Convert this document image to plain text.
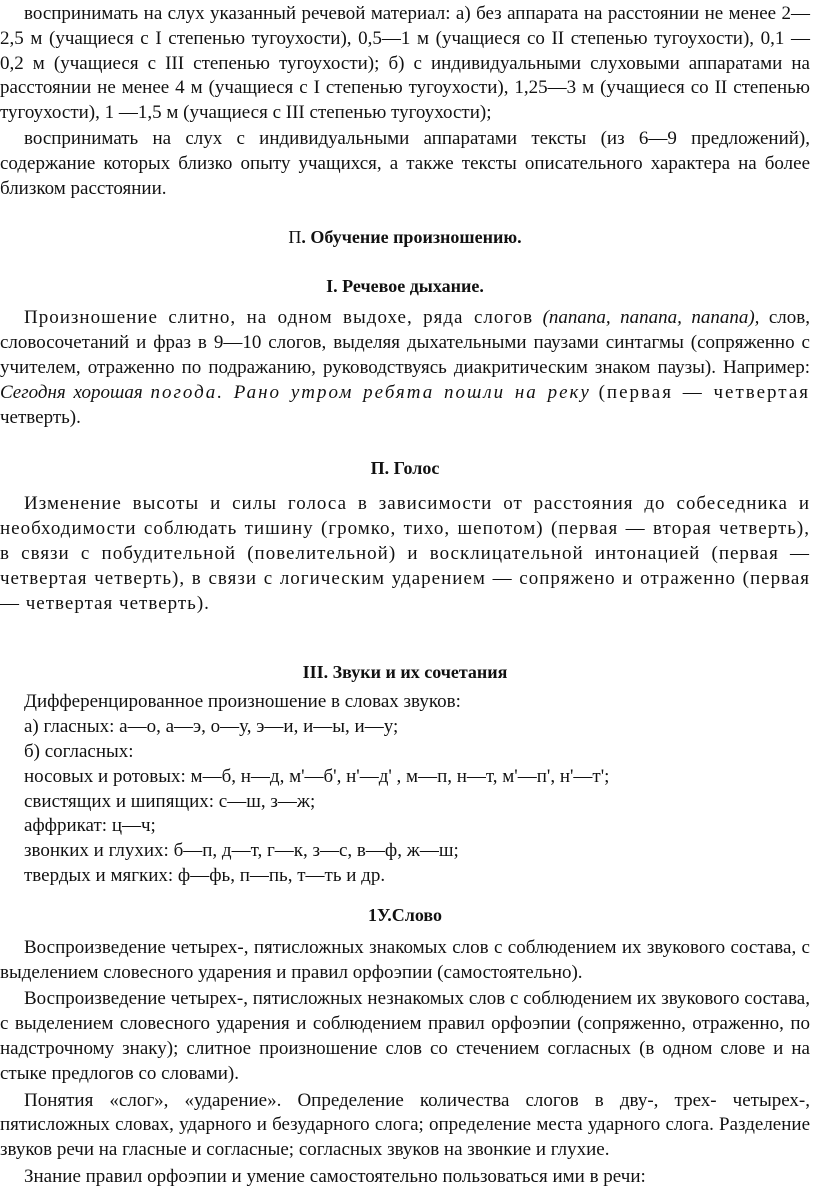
воспринимать на слух указанный речевой материал: а) без аппарата на расстоянии не менее 2—2,5 м (учащиеся с I степенью тугоухости), 0,5—1 м (учащиеся со II степенью тугоухости), 0,1 — 0,2 м (учащиеся с III степенью тугоухости); б) с индивидуальными слуховыми аппаратами на расстоянии не менее 4 м (учащиеся с I степенью тугоухости), 1,25—3 м (учащиеся со II степенью тугоухости), 1 —1,5 м (учащиеся с III степенью тугоухости);

воспринимать на слух с индивидуальными аппаратами тексты (из 6—9 предложений), содержание которых близко опыту учащихся, а также тексты описательного характера на более близком расстоянии.

П. Обучение произношению.
I. Речевое дыхание.

Произношение слитно, на одном выдохе, ряда слогов (папапа, папапа, папапа), слов, словосочетаний и фраз в 9—10 слогов, выделяя дыхательными паузами синтагмы (сопряженно с учителем, отраженно по подражанию, руководствуясь диакритическим знаком паузы). Например: Сегодня хорошая погода. Рано утром ребята пошли на реку (первая — четвертая четверть).

П. Голос

Изменение высоты и силы голоса в зависимости от расстояния до собеседника и необходимости соблюдать тишину (громко, тихо, шепотом) (первая — вторая четверть), в связи с побудительной (повелительной) и восклицательной интонацией (первая — четвертая четверть), в связи с логическим ударением — сопряжено и отраженно (первая — четвертая четверть).

III. Звуки и их сочетания

Дифференцированное произношение в словах звуков:

а) гласных: а—о, а—э, о—у, э—и, и—ы, и—у;
б) согласных:
носовых и ротовых: м—б, н—д, м'—б', н'—д' , м—п, н—т, м'—п', н'—т';
свистящих и шипящих: с—ш, з—ж;
аффрикат: ц—ч;
звонких и глухих: б—п, д—т, г—к, з—с, в—ф, ж—ш;
твердых и мягких: ф—фь, п—пь, т—ть и др.
1У.Слово

Воспроизведение четырех-, пятисложных знакомых слов с соблюдением их звукового состава, с выделением словесного ударения и правил орфоэпии (самостоятельно).

Воспроизведение четырех-, пятисложных незнакомых слов с соблюдением их звукового состава, с выделением словесного ударения и соблюдением правил орфоэпии (сопряженно, отраженно, по надстрочному знаку); слитное произношение слов со стечением согласных (в одном слове и на стыке предлогов со словами).

Понятия «слог», «ударение». Определение количества слогов в дву-, трех- четырех-, пятисложных словах, ударного и безударного слога; определение места ударного слога. Разделение звуков речи на гласные и согласные; согласных звуков на звонкие и глухие.

Знание правил орфоэпии и умение самостоятельно пользоваться ими в речи:
